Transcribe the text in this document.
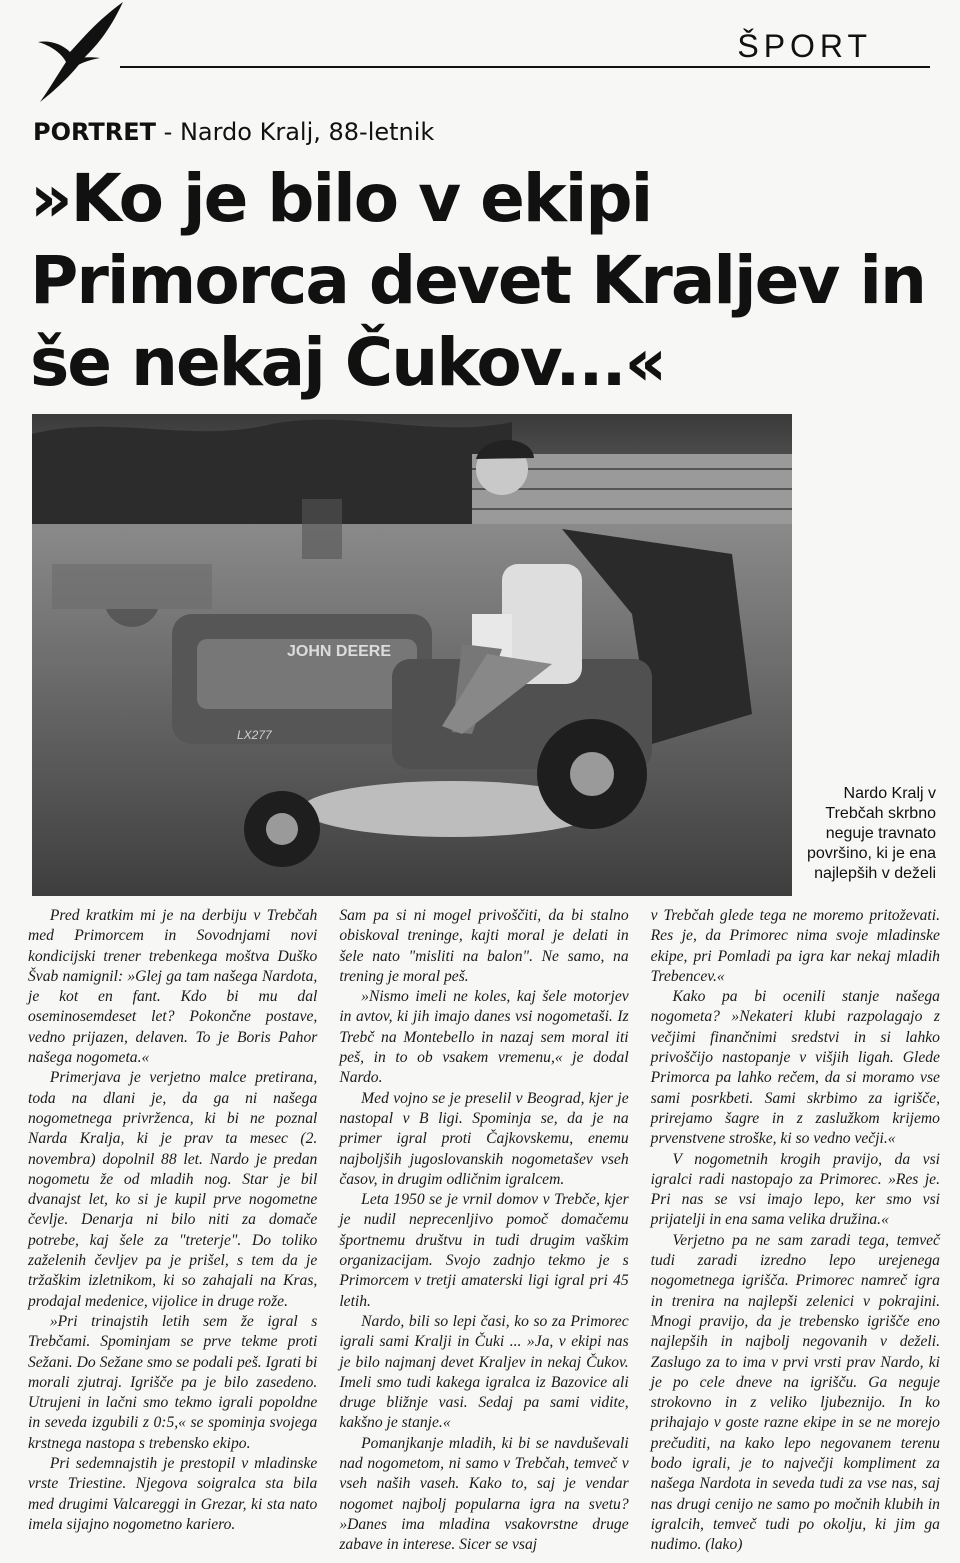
ŠPORT
PORTRET - Nardo Kralj, 88-letnik
»Ko je bilo v ekipi Primorca devet Kraljev in še nekaj Čukov...«
JOHN DEERE
LX277
Nardo Kralj v Trebčah skrbno neguje travnato površino, ki je ena najlepših v deželi

Pred kratkim mi je na derbiju v Trebčah med Primorcem in Sovodnjami novi kondicijski trener trebenkega moštva Duško Švab namignil: »Glej ga tam našega Nardota, je kot en fant. Kdo bi mu dal oseminosemdeset let? Pokončne postave, vedno prijazen, delaven. To je Boris Pahor našega nogometa.«

Primerjava je verjetno malce pretirana, toda na dlani je, da ga ni našega nogometnega privrženca, ki bi ne poznal Narda Kralja, ki je prav ta mesec (2. novembra) dopolnil 88 let. Nardo je predan nogometu že od mladih nog. Star je bil dvanajst let, ko si je kupil prve nogometne čevlje. Denarja ni bilo niti za domače potrebe, kaj šele za "treterje". Do toliko zaželenih čevljev pa je prišel, s tem da je tržaškim izletnikom, ki so zahajali na Kras, prodajal medenice, vijolice in druge rože.

»Pri trinajstih letih sem že igral s Trebčami. Spominjam se prve tekme proti Sežani. Do Sežane smo se podali peš. Igrati bi morali zjutraj. Igrišče pa je bilo zasedeno. Utrujeni in lačni smo tekmo igrali popoldne in seveda izgubili z 0:5,« se spominja svojega krstnega nastopa s trebensko ekipo.

Pri sedemnajstih je prestopil v mladinske vrste Triestine. Njegova soigralca sta bila med drugimi Valcareggi in Grezar, ki sta nato imela sijajno nogometno kariero.

Sam pa si ni mogel privoščiti, da bi stalno obiskoval treninge, kajti moral je delati in šele nato "misliti na balon". Ne samo, na trening je moral peš.

»Nismo imeli ne koles, kaj šele motorjev in avtov, ki jih imajo danes vsi nogometaši. Iz Trebč na Montebello in nazaj sem moral iti peš, in to ob vsakem vremenu,« je dodal Nardo.

Med vojno se je preselil v Beograd, kjer je nastopal v B ligi. Spominja se, da je na primer igral proti Čajkovskemu, enemu najboljših jugoslovanskih nogometašev vseh časov, in drugim odličnim igralcem.

Leta 1950 se je vrnil domov v Trebče, kjer je nudil neprecenljivo pomoč domačemu športnemu društvu in tudi drugim vaškim organizacijam. Svojo zadnjo tekmo je s Primorcem v tretji amaterski ligi igral pri 45 letih.

Nardo, bili so lepi časi, ko so za Primorec igrali sami Kralji in Čuki ... »Ja, v ekipi nas je bilo najmanj devet Kraljev in nekaj Čukov. Imeli smo tudi kakega igralca iz Bazovice ali druge bližnje vasi. Sedaj pa sami vidite, kakšno je stanje.«

Pomanjkanje mladih, ki bi se navduševali nad nogometom, ni samo v Trebčah, temveč v vseh naših vaseh. Kako to, saj je vendar nogomet najbolj popularna igra na svetu? »Danes ima mladina vsakovrstne druge zabave in interese. Sicer se vsaj

v Trebčah glede tega ne moremo pritoževati. Res je, da Primorec nima svoje mladinske ekipe, pri Pomladi pa igra kar nekaj mladih Trebencev.«

Kako pa bi ocenili stanje našega nogometa? »Nekateri klubi razpolagajo z večjimi finančnimi sredstvi in si lahko privoščijo nastopanje v višjih ligah. Glede Primorca pa lahko rečem, da si moramo vse sami posrkbeti. Sami skrbimo za igrišče, prirejamo šagre in z zaslužkom krijemo prvenstvene stroške, ki so vedno večji.«

V nogometnih krogih pravijo, da vsi igralci radi nastopajo za Primorec. »Res je. Pri nas se vsi imajo lepo, ker smo vsi prijatelji in ena sama velika družina.«

Verjetno pa ne sam zaradi tega, temveč tudi zaradi izredno lepo urejenega nogometnega igrišča. Primorec namreč igra in trenira na najlepši zelenici v pokrajini. Mnogi pravijo, da je trebensko igrišče eno najlepših in najbolj negovanih v deželi. Zaslugo za to ima v prvi vrsti prav Nardo, ki je po cele dneve na igrišču. Ga neguje strokovno in z veliko ljubeznijo. In ko prihajajo v goste razne ekipe in se ne morejo prečuditi, na kako lepo negovanem terenu bodo igrali, je to največji kompliment za našega Nardota in seveda tudi za vse nas, saj nas drugi cenijo ne samo po močnih klubih in igralcih, temveč tudi po okolju, ki jim ga nudimo. (lako)
